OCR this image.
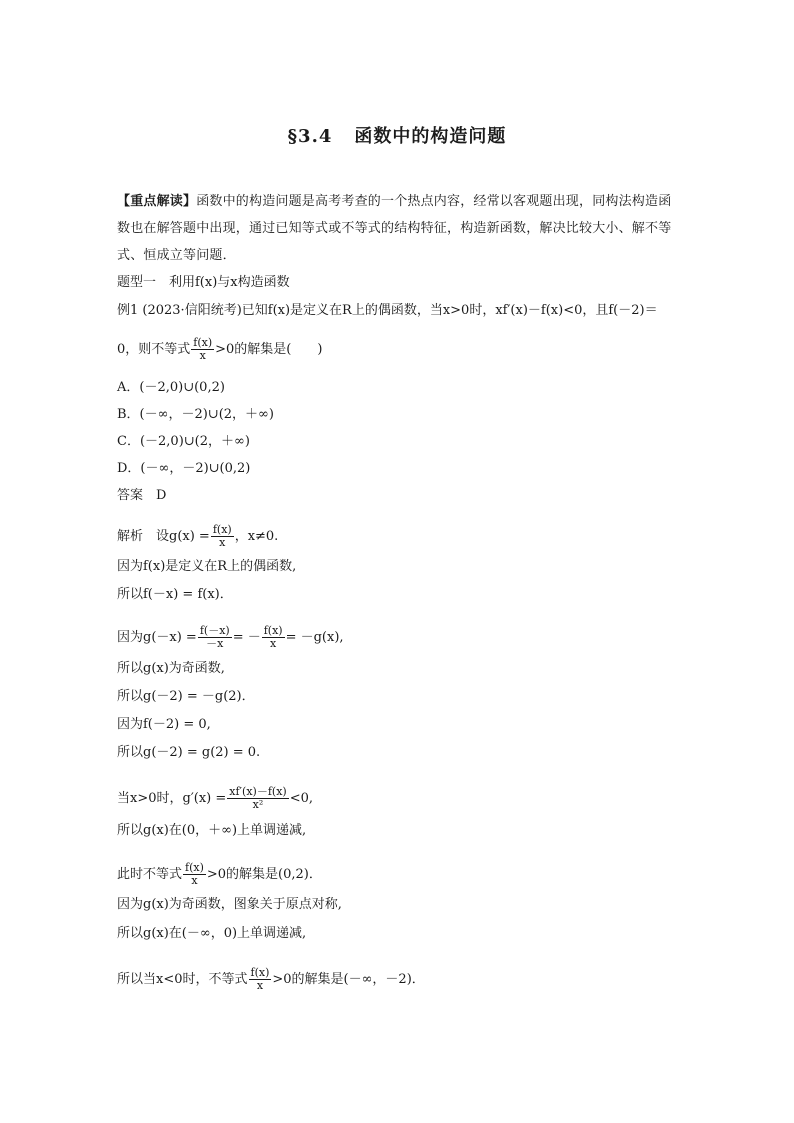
§3.4 函数中的构造问题
【重点解读】函数中的构造问题是高考考查的一个热点内容，经常以客观题出现，同构法构造函数也在解答题中出现，通过已知等式或不等式的结构特征，构造新函数，解决比较大小、解不等式、恒成立等问题．
题型一　利用f(x)与x构造函数
例1 (2023·信阳统考)已知f(x)是定义在R上的偶函数，当x>0时，xf′(x)－f(x)<0，且f(－2)＝
0，则不等式 $\frac{f(x)}{x} >0$的解集是( )
A．(－2,0)∪(0,2)
B．(－∞，－2)∪(2，＋∞)
C．(－2,0)∪(2，＋∞)
D．(－∞，－2)∪(0,2)
答案　D
解析　设$g(x) = \frac{f(x)}{x}$ ，x≠0.
因为f(x)是定义在R上的偶函数,
所以f(－x) = f(x)．
因为$g(-x) = \frac{f(-x)}{-x}$ = － $\frac{f(x)}{x} = -g(x)$,
所以g(x)为奇函数,
所以g(－2) = －g(2)．
因为f(－2) = 0,
所以g(－2) = g(2) = 0.
当x>0时，$g'(x) = \frac{xf'(x)-f(x)}{\text{x²}} <0$,
所以g(x)在(0，＋∞)上单调递减,
此时不等式 $\frac{f(x)}{x} >0$的解集是(0,2)．
因为g(x)为奇函数，图象关于原点对称,
所以g(x)在(－∞，0)上单调递减,
所以当x<0时，不等式 $\frac{f(x)}{x} >0$的解集是(－∞，－2)．
